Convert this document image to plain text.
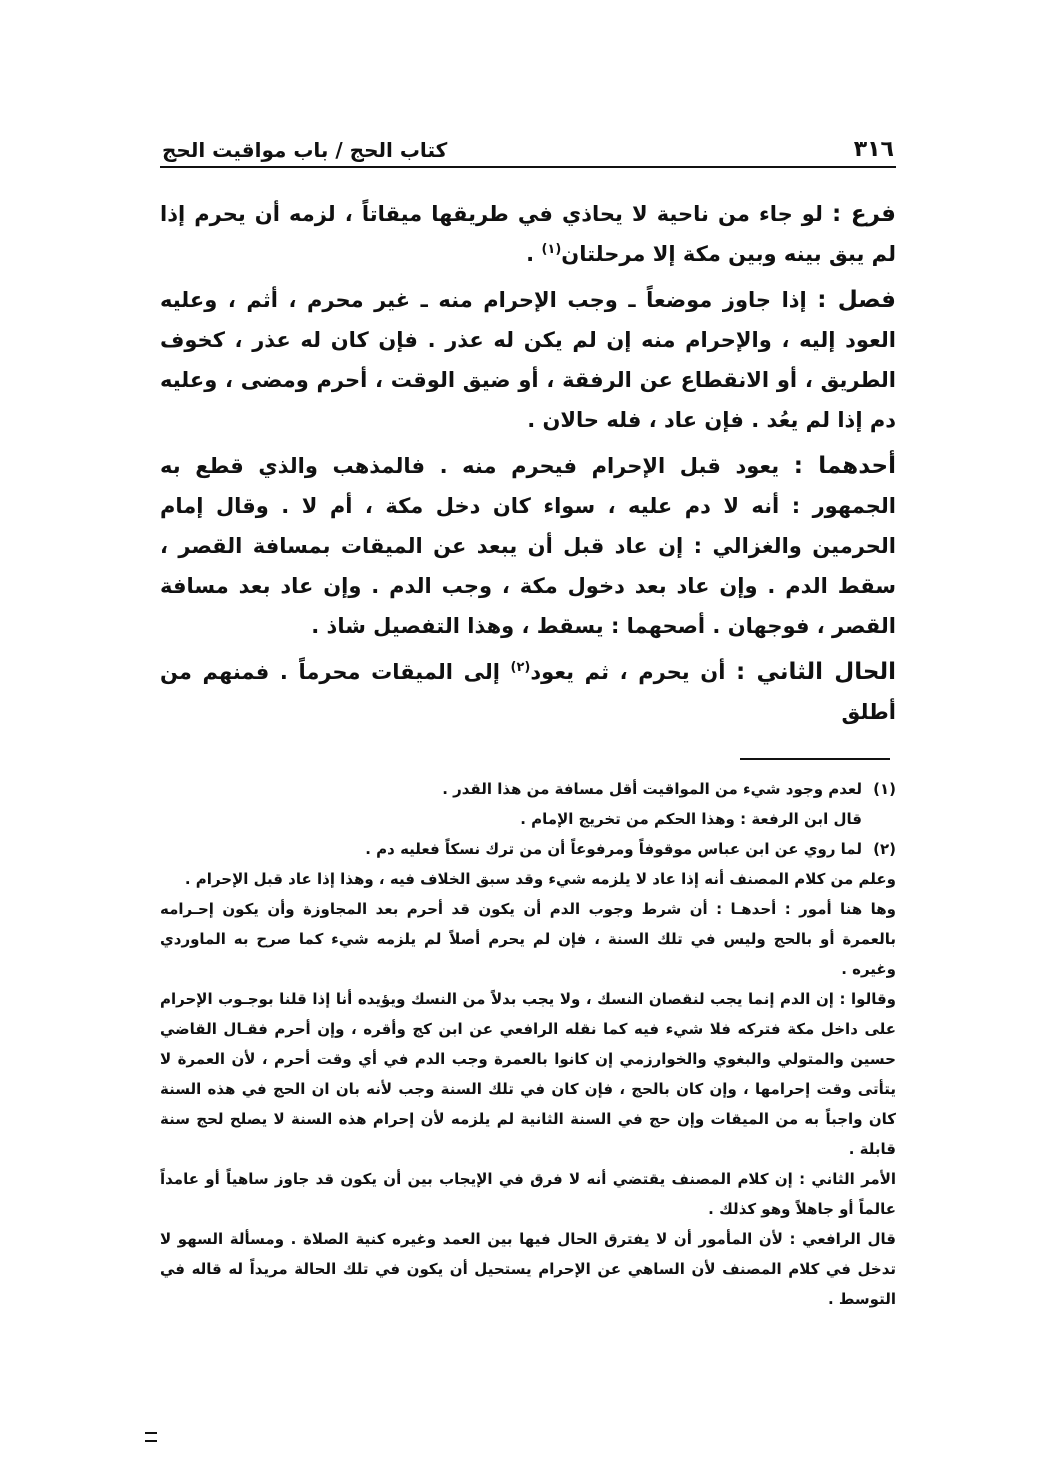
٣١٦
كتاب الحج / باب مواقيت الحج

فرع : لو جاء من ناحية لا يحاذي في طريقها ميقاتاً ، لزمه أن يحرم إذا لم يبق بينه وبين مكة إلا مرحلتان$^{(١)}$ .

فصل : إذا جاوز موضعاً ـ وجب الإحرام منه ـ غير محرم ، أثم ، وعليه العود إليه ، والإحرام منه إن لم يكن له عذر . فإن كان له عذر ، كخوف الطريق ، أو الانقطاع عن الرفقة ، أو ضيق الوقت ، أحرم ومضى ، وعليه دم إذا لم يعُد . فإن عاد ، فله حالان .

أحدهما : يعود قبل الإحرام فيحرم منه . فالمذهب والذي قطع به الجمهور : أنه لا دم عليه ، سواء كان دخل مكة ، أم لا . وقال إمام الحرمين والغزالي : إن عاد قبل أن يبعد عن الميقات بمسافة القصر ، سقط الدم . وإن عاد بعد دخول مكة ، وجب الدم . وإن عاد بعد مسافة القصر ، فوجهان . أصحهما : يسقط ، وهذا التفصيل شاذ .

الحال الثاني : أن يحرم ، ثم يعود$^{(٢)}$ إلى الميقات محرماً . فمنهم من أطلق

(١)
لعدم وجود شيء من المواقيت أقل مسافة من هذا القدر .

قال ابن الرفعة : وهذا الحكم من تخريج الإمام .

(٢)
لما روي عن ابن عباس موقوفاً ومرفوعاً أن من ترك نسكاً فعليه دم .

وعلم من كلام المصنف أنه إذا عاد لا يلزمه شيء وقد سبق الخلاف فيه ، وهذا إذا عاد قبل الإحرام .

وها هنا أمور : أحدهـا : أن شرط وجوب الدم أن يكون قد أحرم بعد المجاوزة وأن يكون إحـرامه بالعمرة أو بالحج وليس في تلك السنة ، فإن لم يحرم أصلاً لم يلزمه شيء كما صرح به الماوردي وغيره .

وقالوا : إن الدم إنما يجب لنقصان النسك ، ولا يجب بدلاً من النسك ويؤيده أنا إذا قلنا بوجـوب الإحرام على داخل مكة فتركه فلا شيء فيه كما نقله الرافعي عن ابن كج وأقره ، وإن أحرم فقـال القاضي حسين والمتولي والبغوي والخوارزمي إن كانوا بالعمرة وجب الدم في أي وقت أحرم ، لأن العمرة لا يتأتى وقت إحرامها ، وإن كان بالحج ، فإن كان في تلك السنة وجب لأنه بان ان الحج في هذه السنة كان واجباً به من الميقات وإن حج في السنة الثانية لم يلزمه لأن إحرام هذه السنة لا يصلح لحج سنة قابلة .

الأمر الثاني : إن كلام المصنف يقتضي أنه لا فرق في الإيجاب بين أن يكون قد جاوز ساهياً أو عامداً عالماً أو جاهلاً وهو كذلك .

قال الرافعي : لأن المأمور أن لا يفترق الحال فيها بين العمد وغيره كنية الصلاة . ومسألة السهو لا تدخل في كلام المصنف لأن الساهي عن الإحرام يستحيل أن يكون في تلك الحالة مريداً له قاله في التوسط .
